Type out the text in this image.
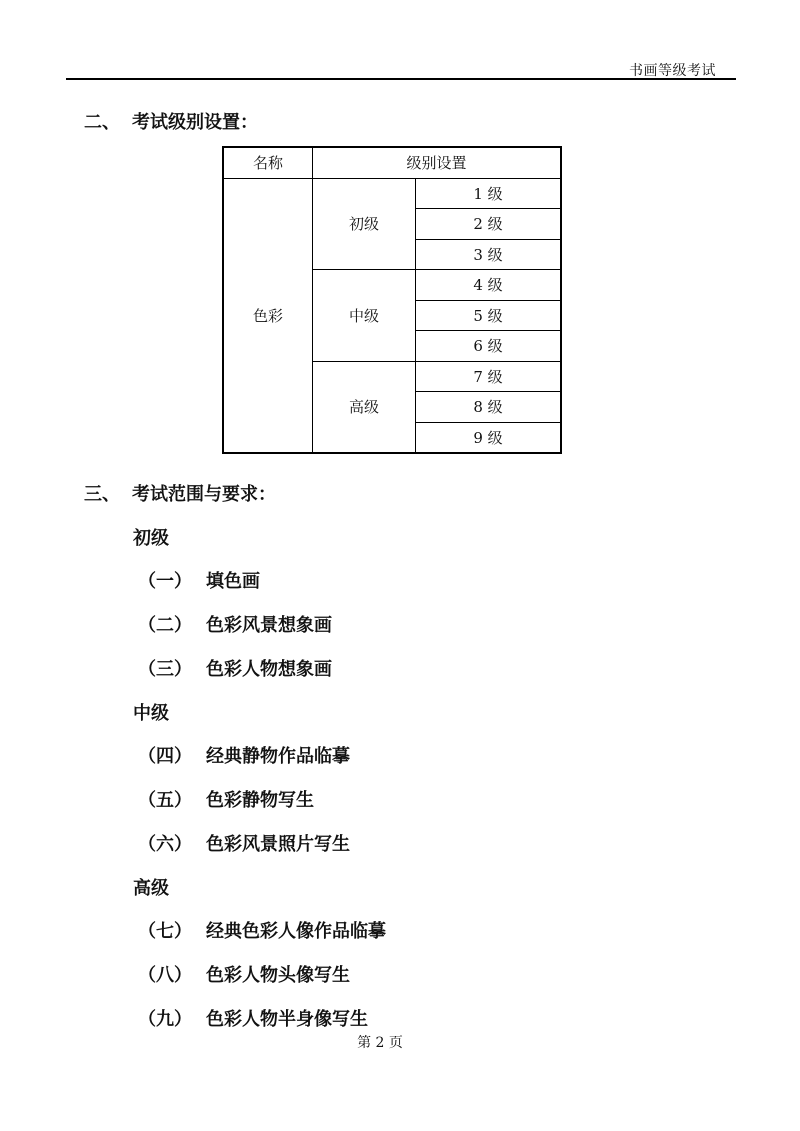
书画等级考试
二、 考试级别设置：
名称	级别设置	
色彩	初级	1 级
		2 级
		3 级
	中级	4 级
		5 级
		6 级
	高级	7 级
		8 级
		9 级
三、 考试范围与要求：
初级
（一） 填色画
（二） 色彩风景想象画
（三） 色彩人物想象画
中级
（四） 经典静物作品临摹
（五） 色彩静物写生
（六） 色彩风景照片写生
高级
（七） 经典色彩人像作品临摹
（八） 色彩人物头像写生
（九） 色彩人物半身像写生
第 2 页
